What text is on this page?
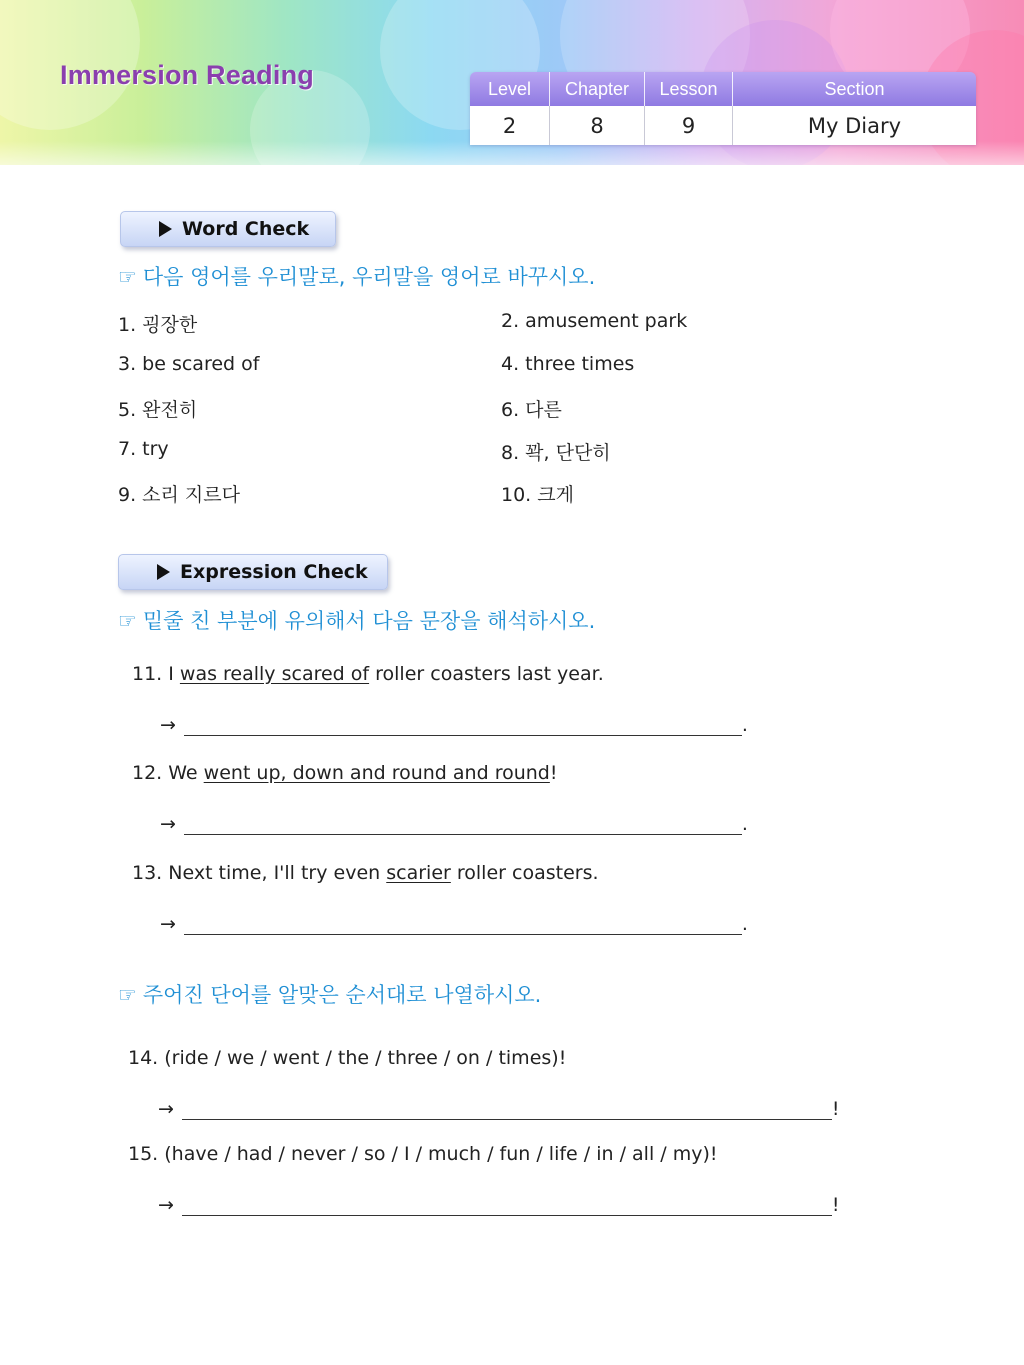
Immersion Reading	Level	Chapter	Lesson	Section
2	8	9	My Diary
Word Check
☞ 다음 영어를 우리말로, 우리말을 영어로 바꾸시오.
1. 굉장한	2. amusement park
3. be scared of	4. three times
5. 완전히	6. 다른
7. try	8. 꽉, 단단히
9. 소리 지르다	10. 크게
Expression Check
☞ 밑줄 친 부분에 유의해서 다음 문장을 해석하시오.
11. I was really scared of roller coasters last year.
→	.
12. We went up, down and round and round!
→	.
13. Next time, I'll try even scarier roller coasters.
→	.
☞ 주어진 단어를 알맞은 순서대로 나열하시오.
14. (ride / we / went / the / three / on / times)!
→	!
15. (have / had / never / so / I / much / fun / life / in / all / my)!
→	!
